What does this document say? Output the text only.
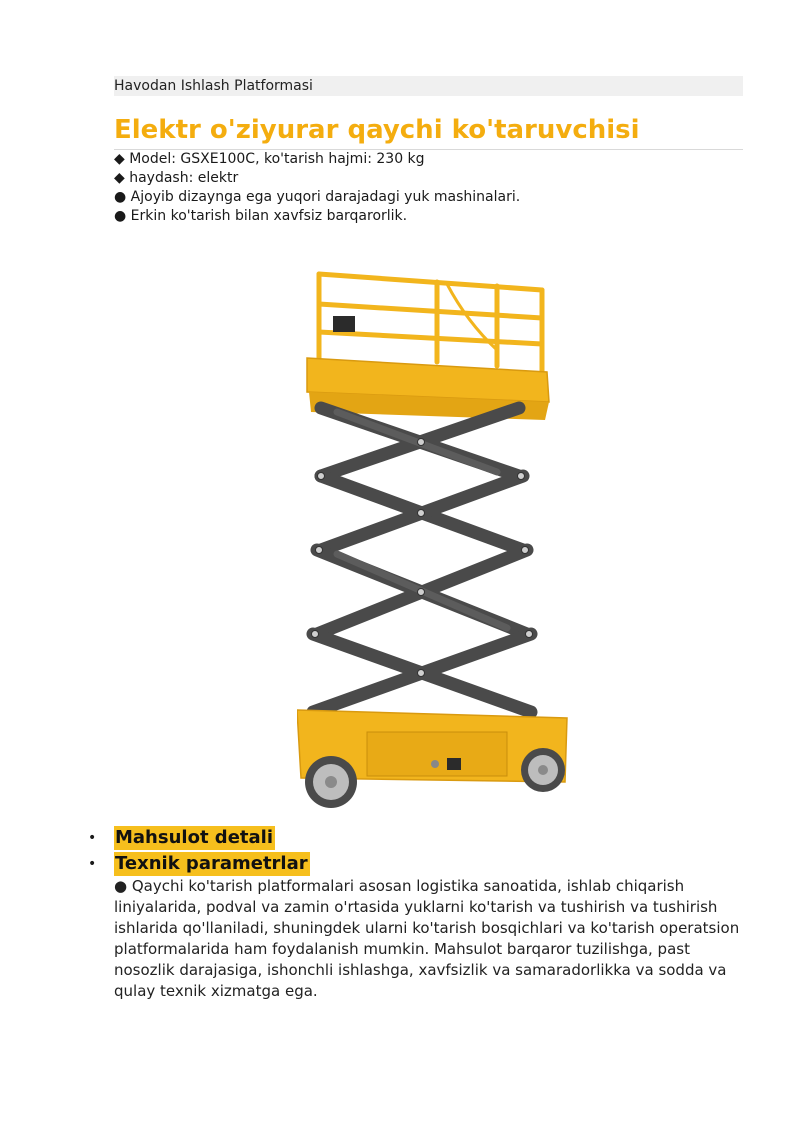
Havodan Ishlash Platformasi
Elektr o'ziyurar qaychi ko'taruvchisi
◆ Model: GSXE100C, ko'tarish hajmi: 230 kg
◆ haydash: elektr
● Ajoyib dizaynga ega yuqori darajadagi yuk mashinalari.
● Erkin ko'tarish bilan xavfsiz barqarorlik.
• Mahsulot detali
• Texnik parametrlar

● Qaychi ko'tarish platformalari asosan logistika sanoatida, ishlab chiqarish liniyalarida, podval va zamin o'rtasida yuklarni ko'tarish va tushirish va tushirish ishlarida qo'llaniladi, shuningdek ularni ko'tarish bosqichlari va ko'tarish operatsion platformalarida ham foydalanish mumkin. Mahsulot barqaror tuzilishga, past nosozlik darajasiga, ishonchli ishlashga, xavfsizlik va samaradorlikka va sodda va qulay texnik xizmatga ega.
